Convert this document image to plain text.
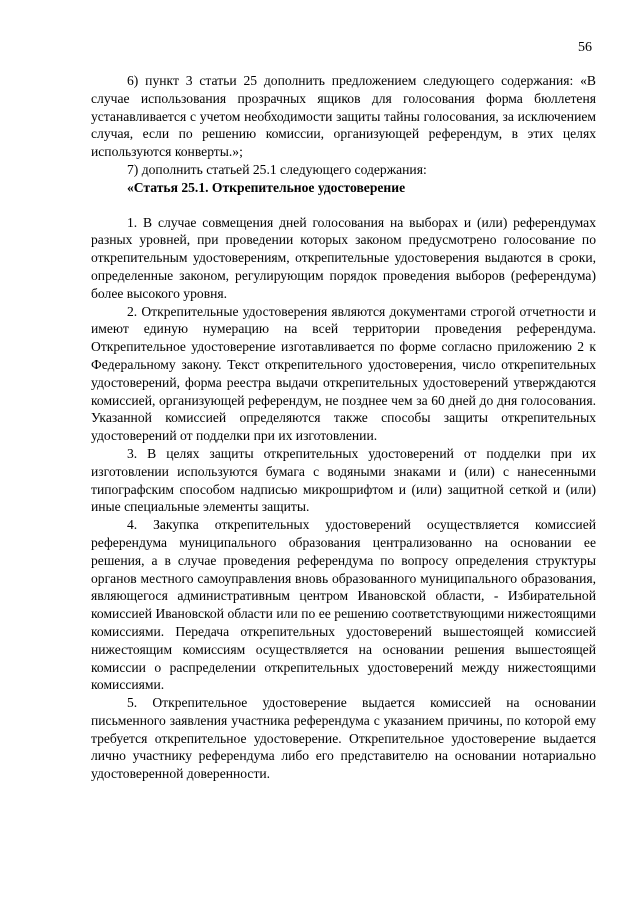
56

6) пункт 3 статьи 25 дополнить предложением следующего содержания: «В случае использования прозрачных ящиков для голосования форма бюллетеня устанавливается с учетом необходимости защиты тайны голосования, за исключением случая, если по решению комиссии, организующей референдум, в этих целях используются конверты.»;

7) дополнить статьей 25.1 следующего содержания:

«Статья 25.1. Открепительное удостоверение

1. В случае совмещения дней голосования на выборах и (или) референдумах разных уровней, при проведении которых законом предусмотрено голосование по открепительным удостоверениям, открепительные удостоверения выдаются в сроки, определенные законом, регулирующим порядок проведения выборов (референдума) более высокого уровня.

2. Открепительные удостоверения являются документами строгой отчетности и имеют единую нумерацию на всей территории проведения референдума. Открепительное удостоверение изготавливается по форме согласно приложению 2 к Федеральному закону. Текст открепительного удостоверения, число открепительных удостоверений, форма реестра выдачи открепительных удостоверений утверждаются комиссией, организующей референдум, не позднее чем за 60 дней до дня голосования. Указанной комиссией определяются также способы защиты открепительных удостоверений от подделки при их изготовлении.

3. В целях защиты открепительных удостоверений от подделки при их изготовлении используются бумага с водяными знаками и (или) с нанесенными типографским способом надписью микрошрифтом и (или) защитной сеткой и (или) иные специальные элементы защиты.

4. Закупка открепительных удостоверений осуществляется комиссией референдума муниципального образования централизованно на основании ее решения, а в случае проведения референдума по вопросу определения структуры органов местного самоуправления вновь образованного муниципального образования, являющегося административным центром Ивановской области, - Избирательной комиссией Ивановской области или по ее решению соответствующими нижестоящими комиссиями. Передача открепительных удостоверений вышестоящей комиссией нижестоящим комиссиям осуществляется на основании решения вышестоящей комиссии о распределении открепительных удостоверений между нижестоящими комиссиями.

5. Открепительное удостоверение выдается комиссией на основании письменного заявления участника референдума с указанием причины, по которой ему требуется открепительное удостоверение. Открепительное удостоверение выдается лично участнику референдума либо его представителю на основании нотариально удостоверенной доверенности.
